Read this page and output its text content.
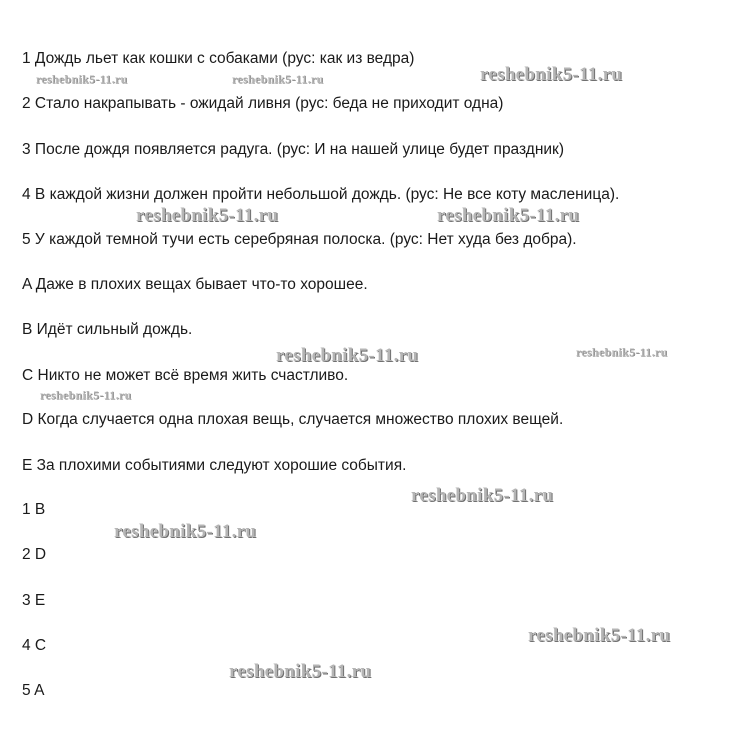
1 Дождь льет как кошки с собаками (рус: как из ведра)
2 Стало накрапывать - ожидай ливня (рус: беда не приходит одна)
3 После дождя появляется радуга. (рус: И на нашей улице будет праздник)
4 В каждой жизни должен пройти небольшой дождь. (рус: Не все коту масленица).
5 У каждой темной тучи есть серебряная полоска. (рус: Нет худа без добра).
A Даже в плохих вещах бывает что-то хорошее.
B Идёт сильный дождь.
C Никто не может всё время жить счастливо.
D Когда случается одна плохая вещь, случается множество плохих вещей.
E За плохими событиями следуют хорошие события.
1 B
2 D
3 E
4 C
5 A
reshebnik5-11.ru	reshebnik5-11.ru	reshebnik5-11.ru
reshebnik5-11.ru	reshebnik5-11.ru
reshebnik5-11.ru	reshebnik5-11.ru
reshebnik5-11.ru
reshebnik5-11.ru
reshebnik5-11.ru
reshebnik5-11.ru
reshebnik5-11.ru
